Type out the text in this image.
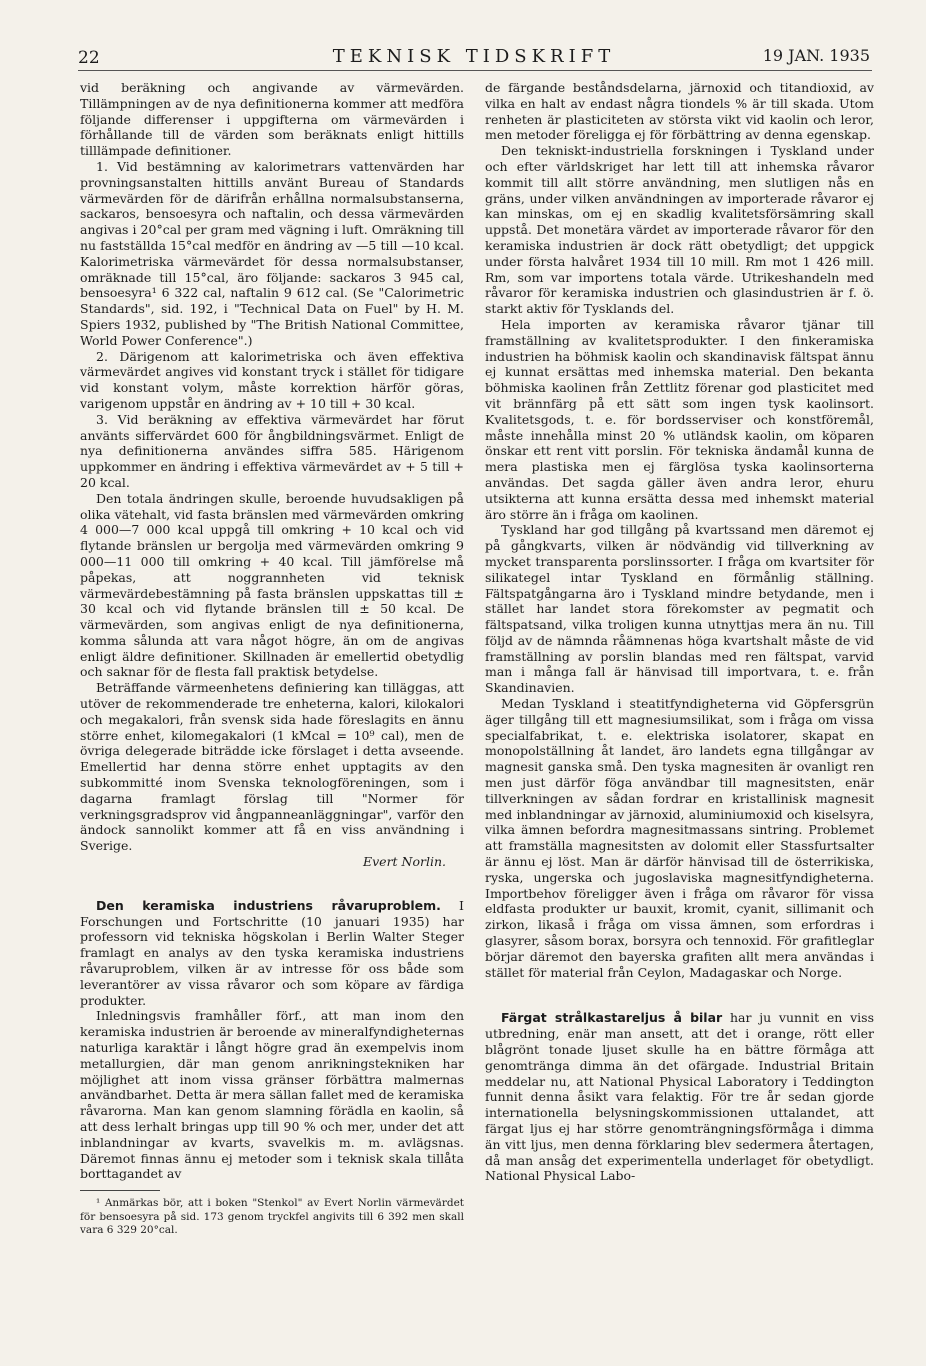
22	TEKNISK TIDSKRIFT	19 JAN. 1935

vid beräkning och angivande av värmevärden. Tillämpningen av de nya definitionerna kommer att medföra följande differenser i uppgifterna om värmevärden i förhållande till de värden som beräknats enligt hittills tilllämpade definitioner.

1. Vid bestämning av kalorimetrars vattenvärden har provningsanstalten hittills använt Bureau of Standards värmevärden för de därifrån erhållna normalsubstanserna, sackaros, bensoesyra och naftalin, och dessa värmevärden angivas i 20°cal per gram med vägning i luft. Omräkning till nu fastställda 15°cal medför en ändring av —5 till —10 kcal. Kalorimetriska värmevärdet för dessa normalsubstanser, omräknade till 15°cal, äro följande: sackaros 3 945 cal, bensoesyra¹ 6 322 cal, naftalin 9 612 cal. (Se "Calorimetric Standards", sid. 192, i "Technical Data on Fuel" by H. M. Spiers 1932, published by "The British National Committee, World Power Conference".)

2. Därigenom att kalorimetriska och även effektiva värmevärdet angives vid konstant tryck i stället för tidigare vid konstant volym, måste korrektion härför göras, varigenom uppstår en ändring av + 10 till + 30 kcal.

3. Vid beräkning av effektiva värmevärdet har förut använts siffervärdet 600 för ångbildningsvärmet. Enligt de nya definitionerna användes siffra 585. Härigenom uppkommer en ändring i effektiva värmevärdet av + 5 till + 20 kcal.

Den totala ändringen skulle, beroende huvudsakligen på olika vätehalt, vid fasta bränslen med värmevärden omkring 4 000—7 000 kcal uppgå till omkring + 10 kcal och vid flytande bränslen ur bergolja med värmevärden omkring 9 000—11 000 till omkring + 40 kcal. Till jämförelse må påpekas, att noggrannheten vid teknisk värmevärdebestämning på fasta bränslen uppskattas till ± 30 kcal och vid flytande bränslen till ± 50 kcal. De värmevärden, som angivas enligt de nya definitionerna, komma sålunda att vara något högre, än om de angivas enligt äldre definitioner. Skillnaden är emellertid obetydlig och saknar för de flesta fall praktisk betydelse.

Beträffande värmeenhetens definiering kan tilläggas, att utöver de rekommenderade tre enheterna, kalori, kilokalori och megakalori, från svensk sida hade föreslagits en ännu större enhet, kilomegakalori (1 kMcal = 10⁹ cal), men de övriga delegerade biträdde icke förslaget i detta avseende. Emellertid har denna större enhet upptagits av den subkommitté inom Svenska teknologföreningen, som i dagarna framlagt förslag till "Normer för verkningsgradsprov vid ångpanneanläggningar", varför den ändock sannolikt kommer att få en viss användning i Sverige.

Evert Norlin.

Den keramiska industriens råvaruproblem. I Forschungen und Fortschritte (10 januari 1935) har professorn vid tekniska högskolan i Berlin Walter Steger framlagt en analys av den tyska keramiska industriens råvaruproblem, vilken är av intresse för oss både som leverantörer av vissa råvaror och som köpare av färdiga produkter.

Inledningsvis framhåller förf., att man inom den keramiska industrien är beroende av mineralfyndigheternas naturliga karaktär i långt högre grad än exempelvis inom metallurgien, där man genom anrikningstekniken har möjlighet att inom vissa gränser förbättra malmernas användbarhet. Detta är mera sällan fallet med de keramiska råvarorna. Man kan genom slamning förädla en kaolin, så att dess lerhalt bringas upp till 90 % och mer, under det att inblandningar av kvarts, svavelkis m. m. avlägsnas. Däremot finnas ännu ej metoder som i teknisk skala tillåta borttagandet av

¹ Anmärkas bör, att i boken "Stenkol" av Evert Norlin värmevärdet för bensoesyra på sid. 173 genom tryckfel angivits till 6 392 men skall vara 6 329 20°cal.

de färgande beståndsdelarna, järnoxid och titandioxid, av vilka en halt av endast några tiondels % är till skada. Utom renheten är plasticiteten av största vikt vid kaolin och leror, men metoder föreligga ej för förbättring av denna egenskap.

Den tekniskt-industriella forskningen i Tyskland under och efter världskriget har lett till att inhemska råvaror kommit till allt större användning, men slutligen nås en gräns, under vilken användningen av importerade råvaror ej kan minskas, om ej en skadlig kvalitetsförsämring skall uppstå. Det monetära värdet av importerade råvaror för den keramiska industrien är dock rätt obetydligt; det uppgick under första halvåret 1934 till 10 mill. Rm mot 1 426 mill. Rm, som var importens totala värde. Utrikeshandeln med råvaror för keramiska industrien och glasindustrien är f. ö. starkt aktiv för Tysklands del.

Hela importen av keramiska råvaror tjänar till framställning av kvalitetsprodukter. I den finkeramiska industrien ha böhmisk kaolin och skandinavisk fältspat ännu ej kunnat ersättas med inhemska material. Den bekanta böhmiska kaolinen från Zettlitz förenar god plasticitet med vit brännfärg på ett sätt som ingen tysk kaolinsort. Kvalitetsgods, t. e. för bordsserviser och konstföremål, måste innehålla minst 20 % utländsk kaolin, om köparen önskar ett rent vitt porslin. För tekniska ändamål kunna de mera plastiska men ej färglösa tyska kaolinsorterna användas. Det sagda gäller även andra leror, ehuru utsikterna att kunna ersätta dessa med inhemskt material äro större än i fråga om kaolinen.

Tyskland har god tillgång på kvartssand men däremot ej på gångkvarts, vilken är nödvändig vid tillverkning av mycket transparenta porslinssorter. I fråga om kvartsiter för silikategel intar Tyskland en förmånlig ställning. Fältspatgångarna äro i Tyskland mindre betydande, men i stället har landet stora förekomster av pegmatit och fältspatsand, vilka troligen kunna utnyttjas mera än nu. Till följd av de nämnda råämnenas höga kvartshalt måste de vid framställning av porslin blandas med ren fältspat, varvid man i många fall är hänvisad till importvara, t. e. från Skandinavien.

Medan Tyskland i steatitfyndigheterna vid Göpfersgrün äger tillgång till ett magnesiumsilikat, som i fråga om vissa specialfabrikat, t. e. elektriska isolatorer, skapat en monopolställning åt landet, äro landets egna tillgångar av magnesit ganska små. Den tyska magnesiten är ovanligt ren men just därför föga användbar till magnesitsten, enär tillverkningen av sådan fordrar en kristallinisk magnesit med inblandningar av järnoxid, aluminiumoxid och kiselsyra, vilka ämnen befordra magnesitmassans sintring. Problemet att framställa magnesitsten av dolomit eller Stassfurtsalter är ännu ej löst. Man är därför hänvisad till de österrikiska, ryska, ungerska och jugoslaviska magnesitfyndigheterna. Importbehov föreligger även i fråga om råvaror för vissa eldfasta produkter ur bauxit, kromit, cyanit, sillimanit och zirkon, likaså i fråga om vissa ämnen, som erfordras i glasyrer, såsom borax, borsyra och tennoxid. För grafitleglar börjar däremot den bayerska grafiten allt mera användas i stället för material från Ceylon, Madagaskar och Norge.

Färgat strålkastareljus å bilar har ju vunnit en viss utbredning, enär man ansett, att det i orange, rött eller blågrönt tonade ljuset skulle ha en bättre förmåga att genomtränga dimma än det ofärgade. Industrial Britain meddelar nu, att National Physical Laboratory i Teddington funnit denna åsikt vara felaktig. För tre år sedan gjorde internationella belysningskommissionen uttalandet, att färgat ljus ej har större genomträngningsförmåga i dimma än vitt ljus, men denna förklaring blev sedermera återtagen, då man ansåg det experimentella underlaget för obetydligt. National Physical Labo-
